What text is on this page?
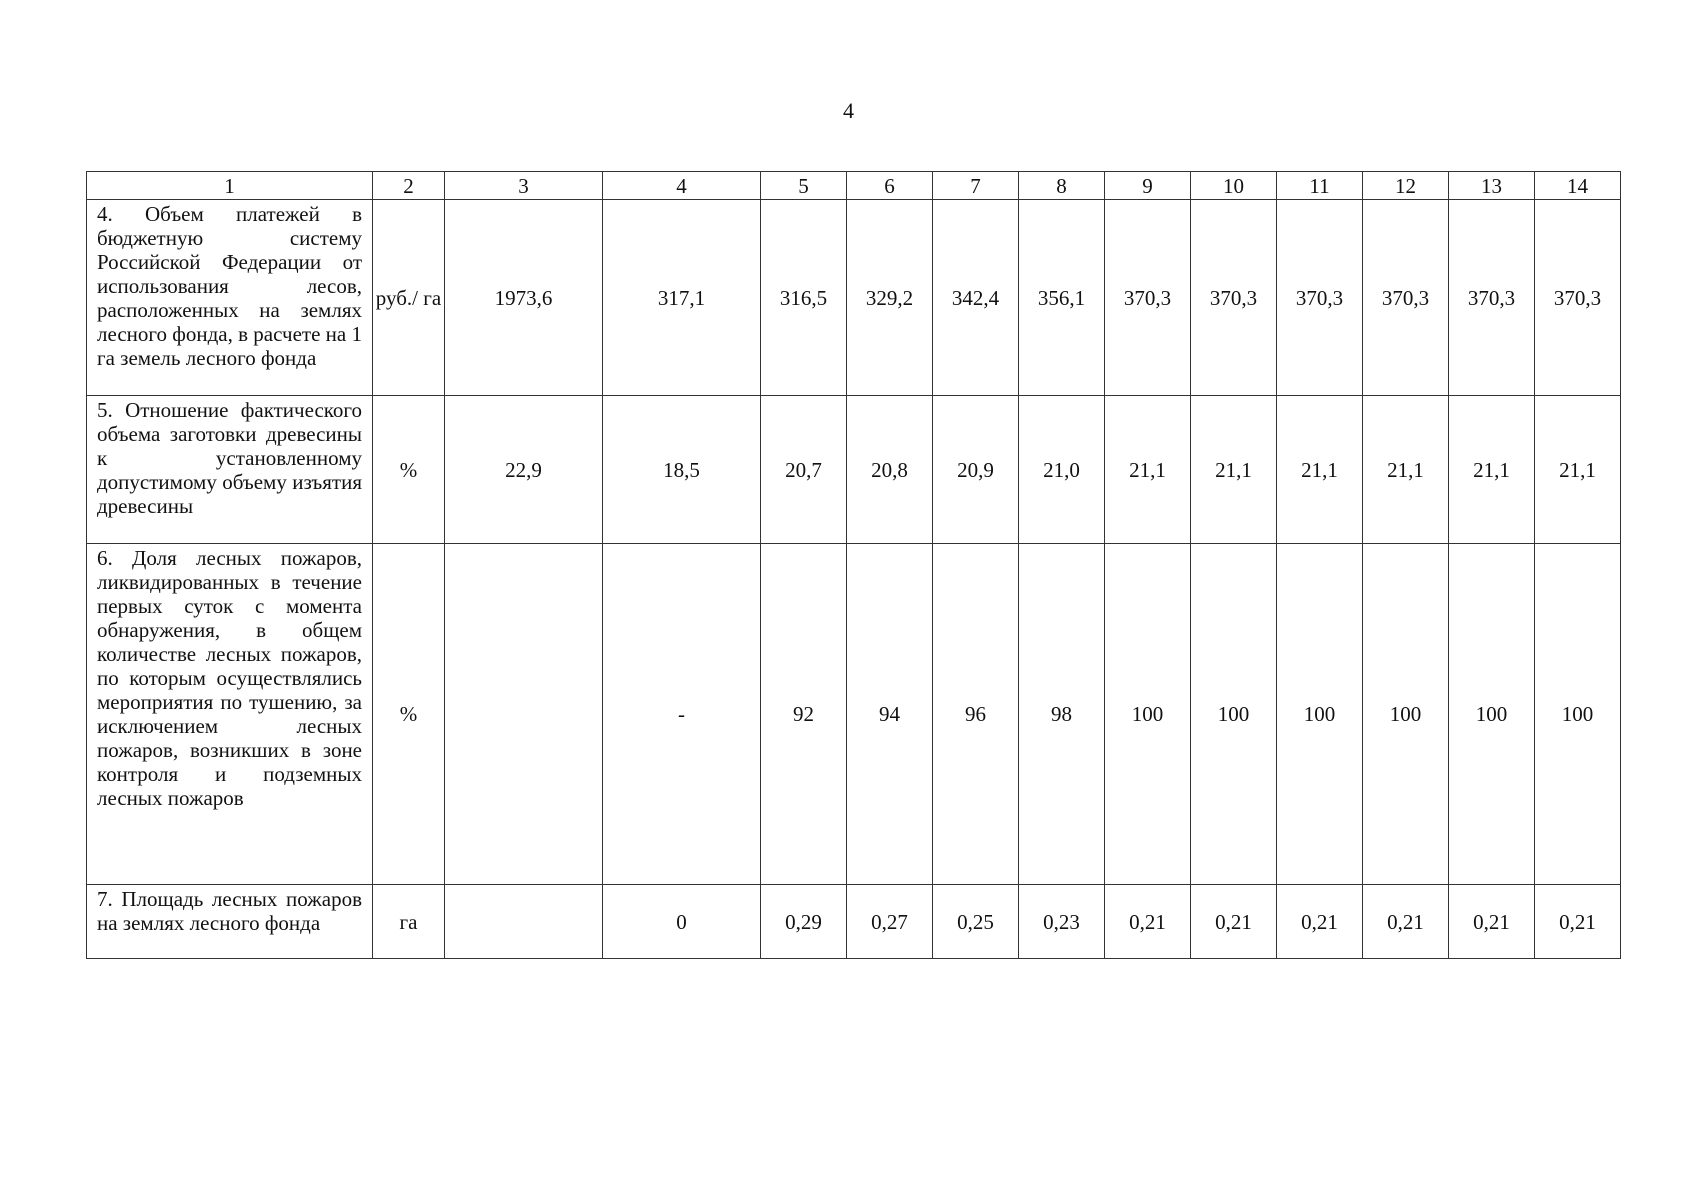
4
1	2	3	4	5	6	7	8	9	10	11	12	13	14
4. Объем платежей в бюджетную систему Российской Федерации от использования лесов, расположенных на землях лесного фонда, в расчете на 1 га земель лесного фонда	руб./ га	1973,6	317,1	316,5	329,2	342,4	356,1	370,3	370,3	370,3	370,3	370,3	370,3
5. Отношение фактического объема заготовки древесины к установленному допустимому объему изъятия древесины	%	22,9	18,5	20,7	20,8	20,9	21,0	21,1	21,1	21,1	21,1	21,1	21,1
6. Доля лесных пожаров, ликвидированных в течение первых суток с момента обнаружения, в общем количестве лесных пожаров, по которым осуществлялись мероприятия по тушению, за исключением лесных пожаров, возникших в зоне контроля и подземных лесных пожаров	%		-	92	94	96	98	100	100	100	100	100	100
7. Площадь лесных пожаров на землях лесного фонда	га		0	0,29	0,27	0,25	0,23	0,21	0,21	0,21	0,21	0,21	0,21
